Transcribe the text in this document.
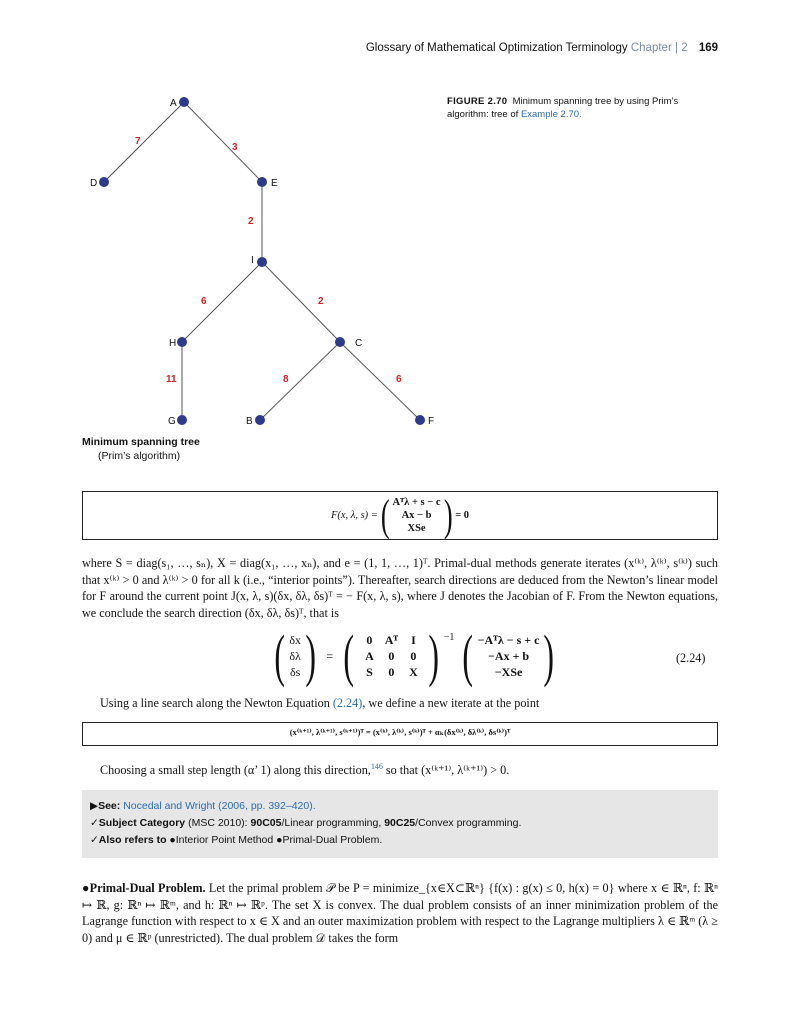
Glossary of Mathematical Optimization Terminology Chapter | 2 169
FIGURE 2.70 Minimum spanning tree by using Prim’s algorithm: tree of Example 2.70.
A
D	E
I
H	C
G	B	F
7
3
2
6	2
11	8	6
Minimum spanning tree
(Prim’s algorithm)
F(x, λ, s) = ( Aᵀλ + s − c
Ax − b
XSe ) = 0
where S = diag(s₁, …, sₙ), X = diag(x₁, …, xₙ), and e = (1, 1, …, 1)ᵀ. Primal-dual methods generate iterates (x⁽ᵏ⁾, λ⁽ᵏ⁾, s⁽ᵏ⁾) such that x⁽ᵏ⁾ > 0 and λ⁽ᵏ⁾ > 0 for all k (i.e., “interior points”). Thereafter, search directions are deduced from the Newton’s linear model for F around the current point J(x, λ, s)(δx, δλ, δs)ᵀ = − F(x, λ, s), where J denotes the Jacobian of F. From the Newton equations, we conclude the search direction (δx, δλ, δs)ᵀ, that is
( δx
δλ
δs ) = (	0	Aᵀ	I
A	0	0
S	0	X ) $^{-1}$ ( −Aᵀλ − s + c
−Ax + b
−XSe )	(2.24)
Using a line search along the Newton Equation (2.24), we define a new iterate at the point
(x⁽ᵏ⁺¹⁾, λ⁽ᵏ⁺¹⁾, s⁽ᵏ⁺¹⁾)ᵀ = (x⁽ᵏ⁾, λ⁽ᵏ⁾, s⁽ᵏ⁾)ᵀ + αₖ(δx⁽ᵏ⁾, δλ⁽ᵏ⁾, δs⁽ᵏ⁾)ᵀ
Choosing a small step length (α’ 1) along this direction,$^{146}$ so that (x⁽ᵏ⁺¹⁾, λ⁽ᵏ⁺¹⁾) > 0.
▶See: Nocedal and Wright (2006, pp. 392–420).
✓Subject Category (MSC 2010): 90C05/Linear programming, 90C25/Convex programming.
✓Also refers to ●Interior Point Method ●Primal-Dual Problem.
●Primal-Dual Problem. Let the primal problem 𝒫 be P = minimize_{x∈X⊂ℝⁿ} {f(x) : g(x) ≤ 0, h(x) = 0} where x ∈ ℝⁿ, f: ℝⁿ ↦ ℝ, g: ℝⁿ ↦ ℝᵐ, and h: ℝⁿ ↦ ℝᵖ. The set X is convex. The dual problem consists of an inner minimization problem of the Lagrange function with respect to x ∈ X and an outer maximization problem with respect to the Lagrange multipliers λ ∈ ℝᵐ (λ ≥ 0) and μ ∈ ℝᵖ (unrestricted). The dual problem 𝒟 takes the form
